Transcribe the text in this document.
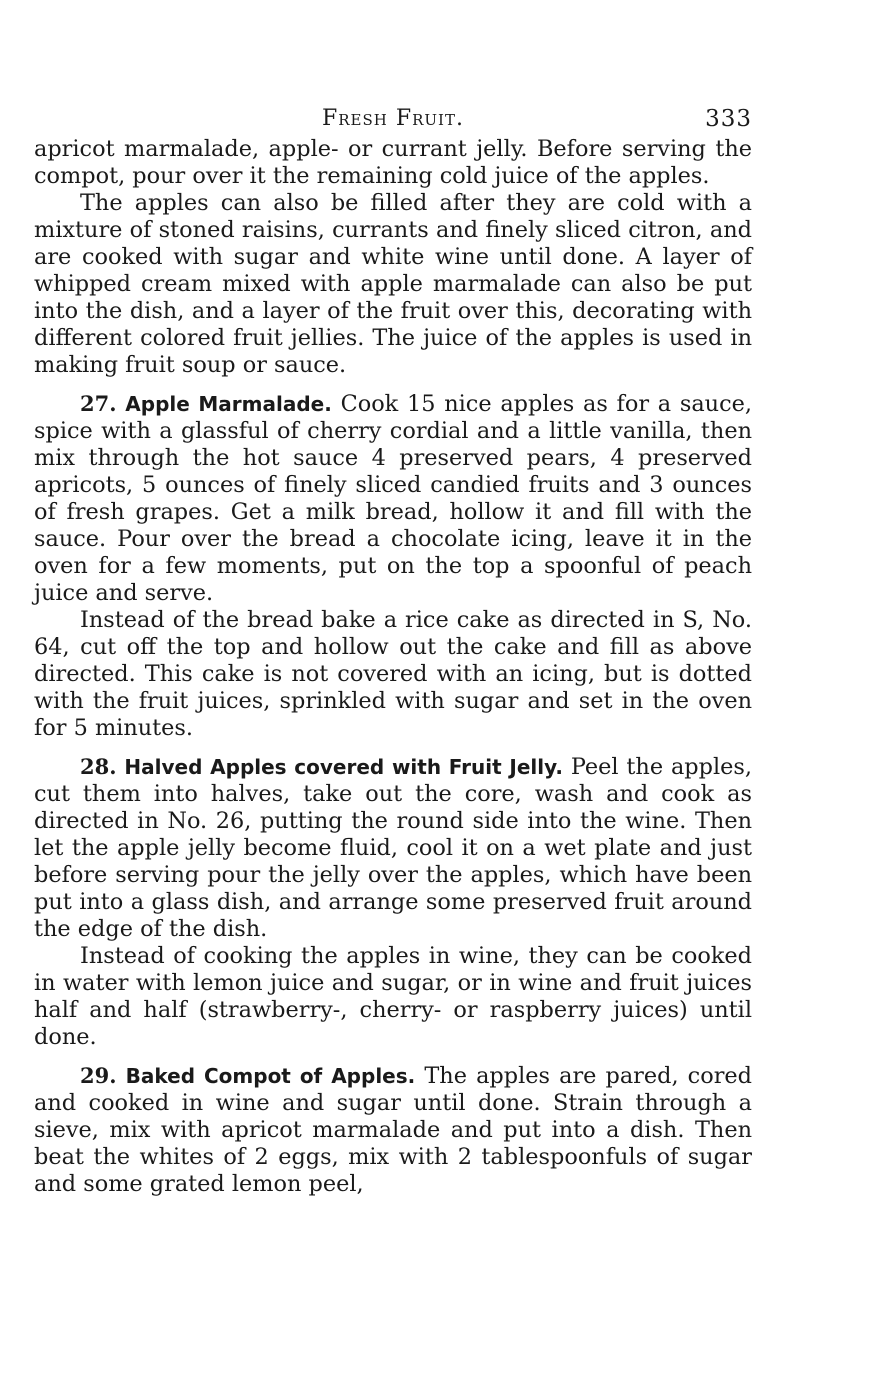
Fresh Fruit.	333

apricot marmalade, apple- or currant jelly. Before serving the compot, pour over it the remaining cold juice of the apples.

The apples can also be filled after they are cold with a mixture of stoned raisins, currants and finely sliced citron, and are cooked with sugar and white wine until done. A layer of whipped cream mixed with apple marmalade can also be put into the dish, and a layer of the fruit over this, decorating with different colored fruit jellies. The juice of the apples is used in making fruit soup or sauce.

27. Apple Marmalade. Cook 15 nice apples as for a sauce, spice with a glassful of cherry cordial and a little vanilla, then mix through the hot sauce 4 preserved pears, 4 preserved apricots, 5 ounces of finely sliced candied fruits and 3 ounces of fresh grapes. Get a milk bread, hollow it and fill with the sauce. Pour over the bread a chocolate icing, leave it in the oven for a few moments, put on the top a spoonful of peach juice and serve.

Instead of the bread bake a rice cake as directed in S, No. 64, cut off the top and hollow out the cake and fill as above directed. This cake is not covered with an icing, but is dotted with the fruit juices, sprinkled with sugar and set in the oven for 5 minutes.

28. Halved Apples covered with Fruit Jelly. Peel the apples, cut them into halves, take out the core, wash and cook as directed in No. 26, putting the round side into the wine. Then let the apple jelly become fluid, cool it on a wet plate and just before serving pour the jelly over the apples, which have been put into a glass dish, and arrange some preserved fruit around the edge of the dish.

Instead of cooking the apples in wine, they can be cooked in water with lemon juice and sugar, or in wine and fruit juices half and half (strawberry-, cherry- or raspberry juices) until done.

29. Baked Compot of Apples. The apples are pared, cored and cooked in wine and sugar until done. Strain through a sieve, mix with apricot marmalade and put into a dish. Then beat the whites of 2 eggs, mix with 2 tablespoonfuls of sugar and some grated lemon peel,
